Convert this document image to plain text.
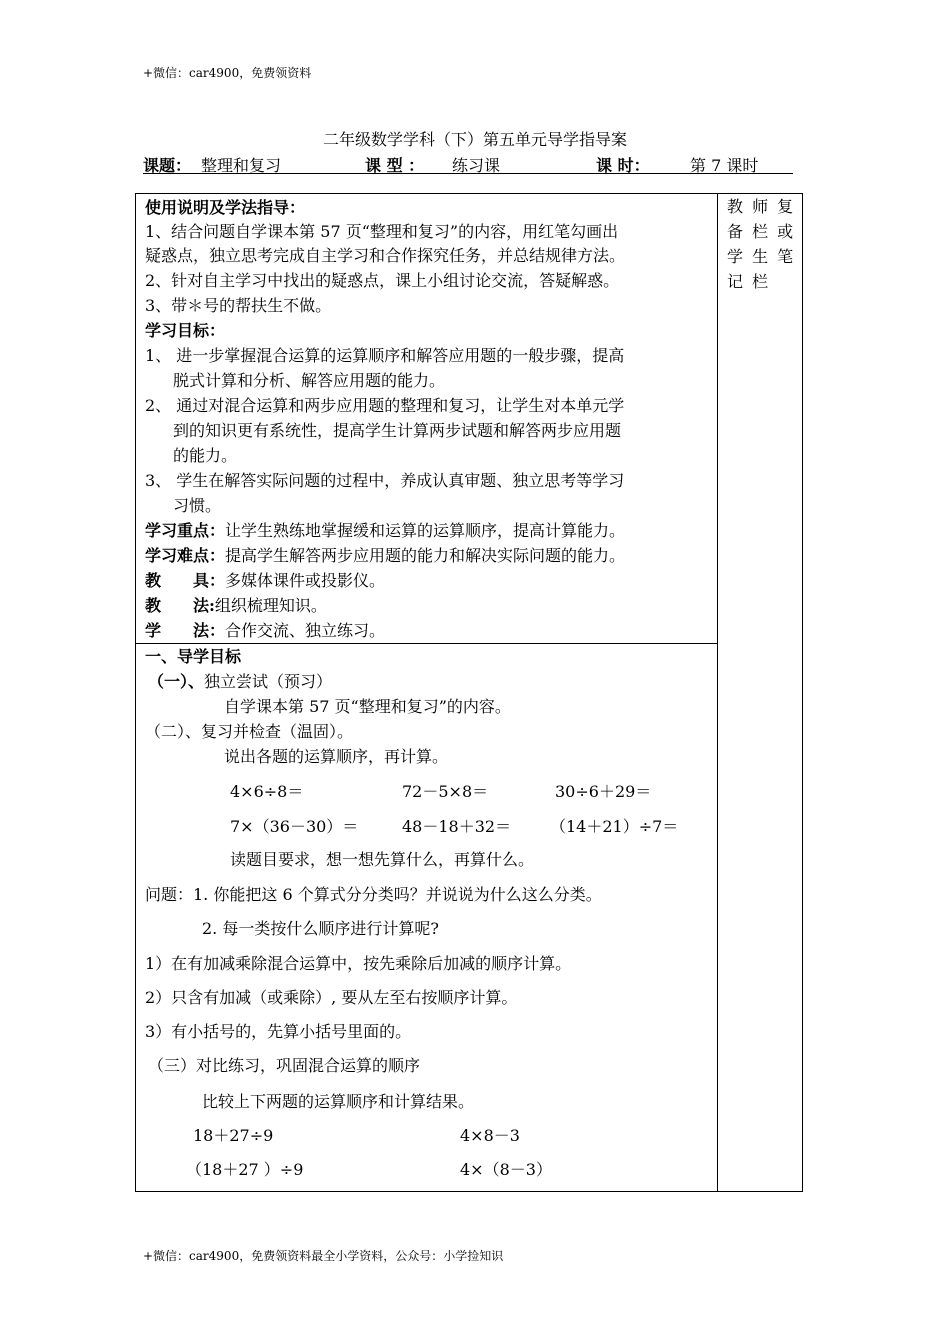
+微信：car4900，免费领资料
+微信：car4900，免费领资料最全小学资料，公众号：小学捡知识
二年级数学学科（下）第五单元导学指导案
课题： 整理和复习	课 型 ： 练习课	课 时：	第 7 课时
教 师 复
备 栏 或
学 生 笔
记 栏
使用说明及学法指导：
1、结合问题自学课本第 57 页“整理和复习”的内容，用红笔勾画出
疑惑点，独立思考完成自主学习和合作探究任务，并总结规律方法。
2、针对自主学习中找出的疑惑点，课上小组讨论交流，答疑解惑。
3、带＊号的帮扶生不做。
学习目标：
1、 进一步掌握混合运算的运算顺序和解答应用题的一般步骤，提高
脱式计算和分析、解答应用题的能力。
2、 通过对混合运算和两步应用题的整理和复习，让学生对本单元学
到的知识更有系统性，提高学生计算两步试题和解答两步应用题
的能力。
3、 学生在解答实际问题的过程中，养成认真审题、独立思考等学习
习惯。
学习重点：让学生熟练地掌握缓和运算的运算顺序，提高计算能力。
学习难点：提高学生解答两步应用题的能力和解决实际问题的能力。
教　　具：多媒体课件或投影仪。
教　　法:组织梳理知识。
学　　法：合作交流、独立练习。
一、导学目标
（一）、独立尝试（预习）
自学课本第 57 页“整理和复习”的内容。
（二）、复习并检查（温固）。
说出各题的运算顺序，再计算。
4×6÷8＝	72－5×8＝	30÷6＋29＝
7×（36－30）＝	48－18＋32＝ （14＋21）÷7＝
读题目要求，想一想先算什么，再算什么。
问题：1. 你能把这 6 个算式分分类吗？并说说为什么这么分类。
2. 每一类按什么顺序进行计算呢?
1）在有加减乘除混合运算中，按先乘除后加减的顺序计算。
2）只含有加减（或乘除）, 要从左至右按顺序计算。
3）有小括号的，先算小括号里面的。
（三）对比练习，巩固混合运算的顺序
比较上下两题的运算顺序和计算结果。
18＋27÷9	4×8－3
（18＋27 ）÷9	4×（8－3）
